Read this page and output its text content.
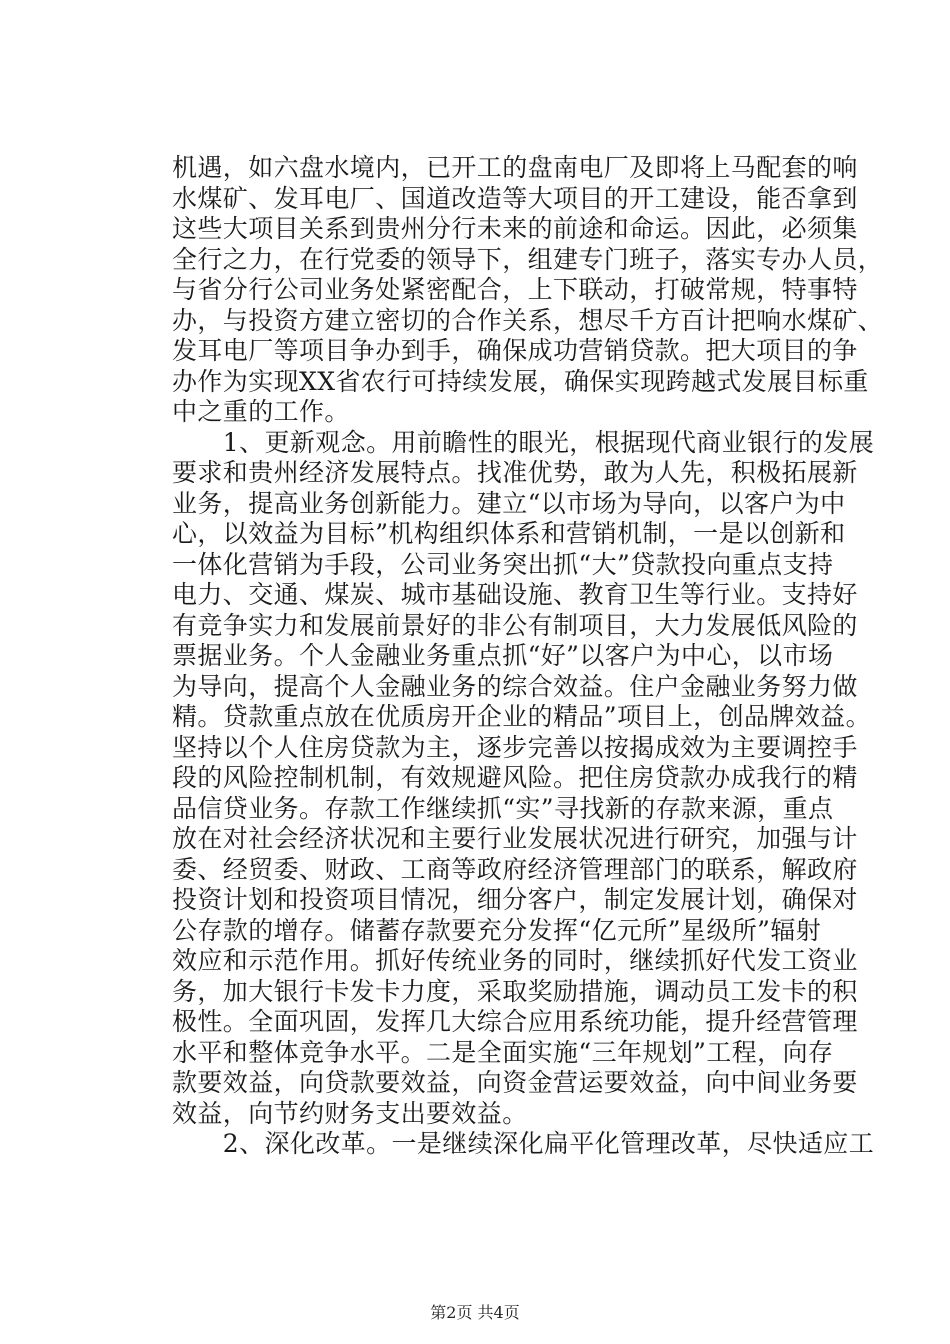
机遇，如六盘水境内，已开工的盘南电厂及即将上马配套的响
水煤矿、发耳电厂、国道改造等大项目的开工建设，能否拿到
这些大项目关系到贵州分行未来的前途和命运。因此，必须集
全行之力，在行党委的领导下，组建专门班子，落实专办人员，
与省分行公司业务处紧密配合，上下联动，打破常规，特事特
办，与投资方建立密切的合作关系，想尽千方百计把响水煤矿、
发耳电厂等项目争办到手，确保成功营销贷款。把大项目的争
办作为实现XX省农行可持续发展，确保实现跨越式发展目标重
中之重的工作。
　　1、更新观念。用前瞻性的眼光，根据现代商业银行的发展
要求和贵州经济发展特点。找准优势，敢为人先，积极拓展新
业务，提高业务创新能力。建立“以市场为导向，以客户为中
心，以效益为目标”机构组织体系和营销机制，一是以创新和
一体化营销为手段，公司业务突出抓“大”贷款投向重点支持
电力、交通、煤炭、城市基础设施、教育卫生等行业。支持好
有竞争实力和发展前景好的非公有制项目，大力发展低风险的
票据业务。个人金融业务重点抓“好”以客户为中心，以市场
为导向，提高个人金融业务的综合效益。住户金融业务努力做
精。贷款重点放在优质房开企业的精品”项目上，创品牌效益。
坚持以个人住房贷款为主，逐步完善以按揭成效为主要调控手
段的风险控制机制，有效规避风险。把住房贷款办成我行的精
品信贷业务。存款工作继续抓“实”寻找新的存款来源，重点
放在对社会经济状况和主要行业发展状况进行研究，加强与计
委、经贸委、财政、工商等政府经济管理部门的联系，解政府
投资计划和投资项目情况，细分客户，制定发展计划，确保对
公存款的增存。储蓄存款要充分发挥“亿元所”星级所”辐射
效应和示范作用。抓好传统业务的同时，继续抓好代发工资业
务，加大银行卡发卡力度，采取奖励措施，调动员工发卡的积
极性。全面巩固，发挥几大综合应用系统功能，提升经营管理
水平和整体竞争水平。二是全面实施“三年规划”工程，向存
款要效益，向贷款要效益，向资金营运要效益，向中间业务要
效益，向节约财务支出要效益。
　　2、深化改革。一是继续深化扁平化管理改革，尽快适应工
第2页 共4页
